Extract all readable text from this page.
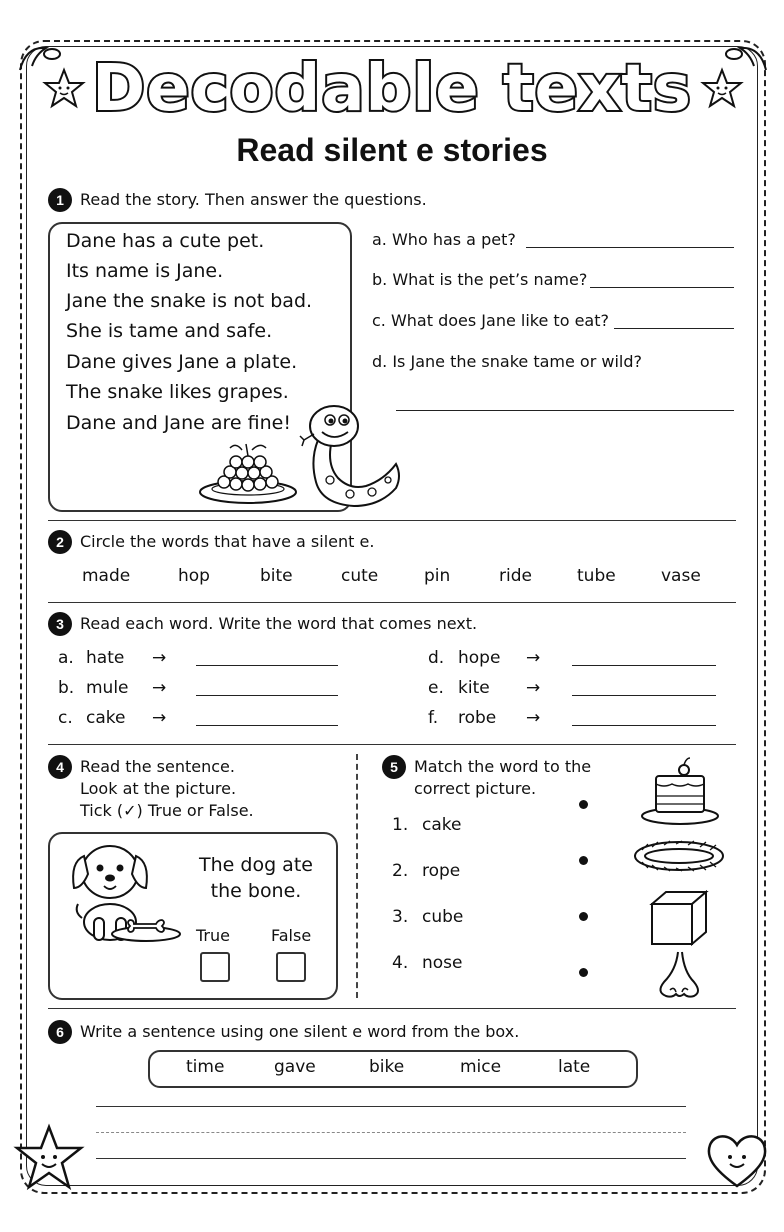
Decodable texts
Read silent e stories
1	Read the story. Then answer the questions.
Dane has a cute pet.
Its name is Jane.
Jane the snake is not bad.
She is tame and safe.
Dane gives Jane a plate.
The snake likes grapes.
Dane and Jane are fine!
a. Who has a pet?
b. What is the pet’s name?
c. What does Jane like to eat?
d. Is Jane the snake tame or wild?
2	Circle the words that have a silent e.
made	hop	bite	cute	pin	ride	tube	vase
3	Read each word. Write the word that comes next.
a. hate →
b. mule →
c. cake →
d. hope →
e. kite →
f. robe →
4	Read the sentence.
Look at the picture.
Tick (✓) True or False.
The dog ate
the bone.
True	False
5	Match the word to the
correct picture.
1. cake
2. rope
3. cube
4. nose
6	Write a sentence using one silent e word from the box.
time	gave	bike	mice	late
